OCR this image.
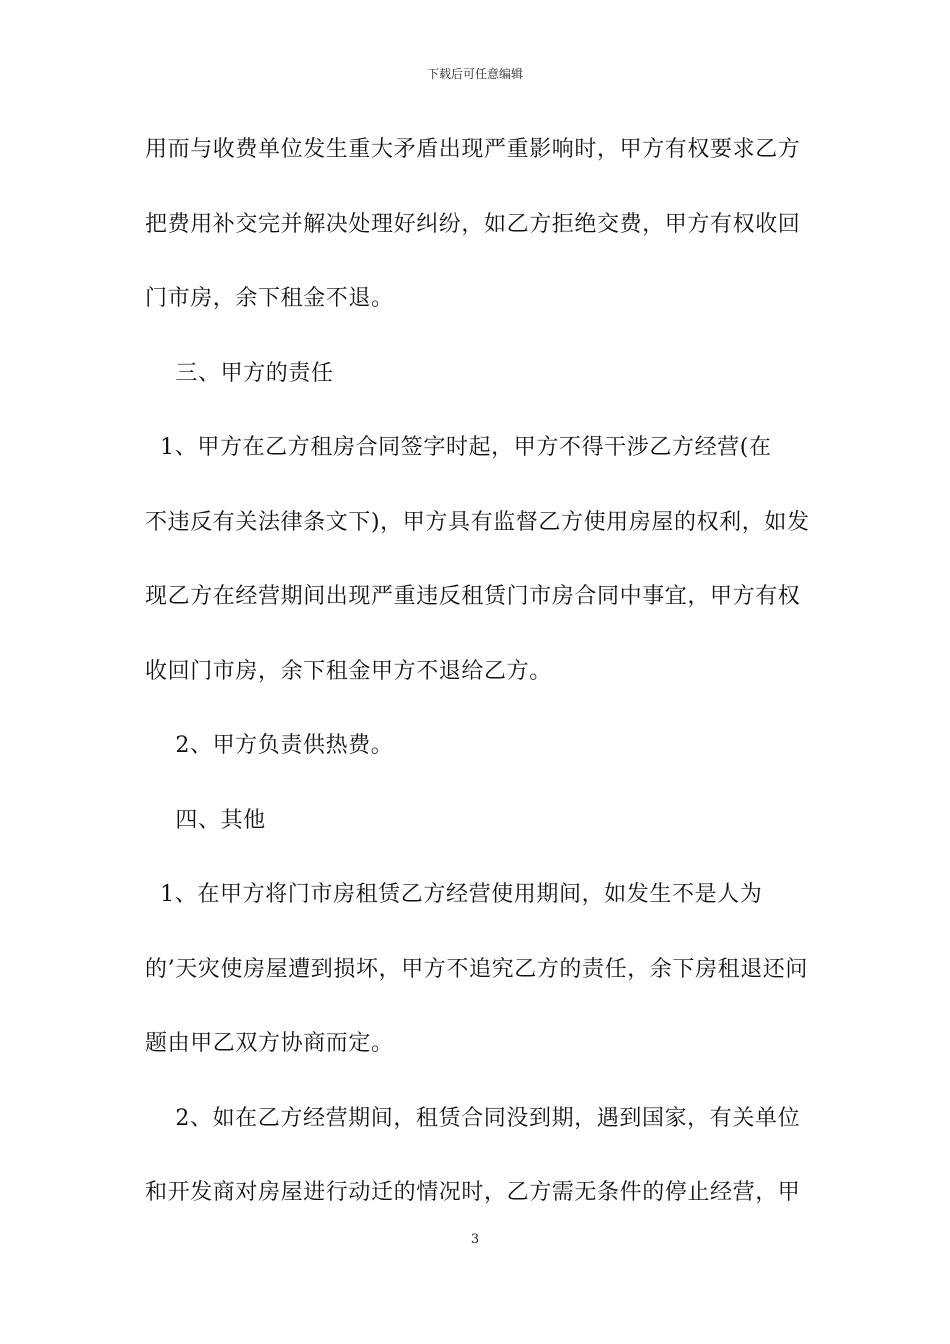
下载后可任意编辑
用而与收费单位发生重大矛盾出现严重影响时，甲方有权要求乙方
把费用补交完并解决处理好纠纷，如乙方拒绝交费，甲方有权收回
门市房，余下租金不退。
三、甲方的责任
1、甲方在乙方租房合同签字时起，甲方不得干涉乙方经营(在
不违反有关法律条文下)，甲方具有监督乙方使用房屋的权利，如发
现乙方在经营期间出现严重违反租赁门市房合同中事宜，甲方有权
收回门市房，余下租金甲方不退给乙方。
2、甲方负责供热费。
四、其他
1、在甲方将门市房租赁乙方经营使用期间，如发生不是人为
的’天灾使房屋遭到损坏，甲方不追究乙方的责任，余下房租退还问
题由甲乙双方协商而定。
2、如在乙方经营期间，租赁合同没到期，遇到国家，有关单位
和开发商对房屋进行动迁的情况时，乙方需无条件的停止经营，甲
3
